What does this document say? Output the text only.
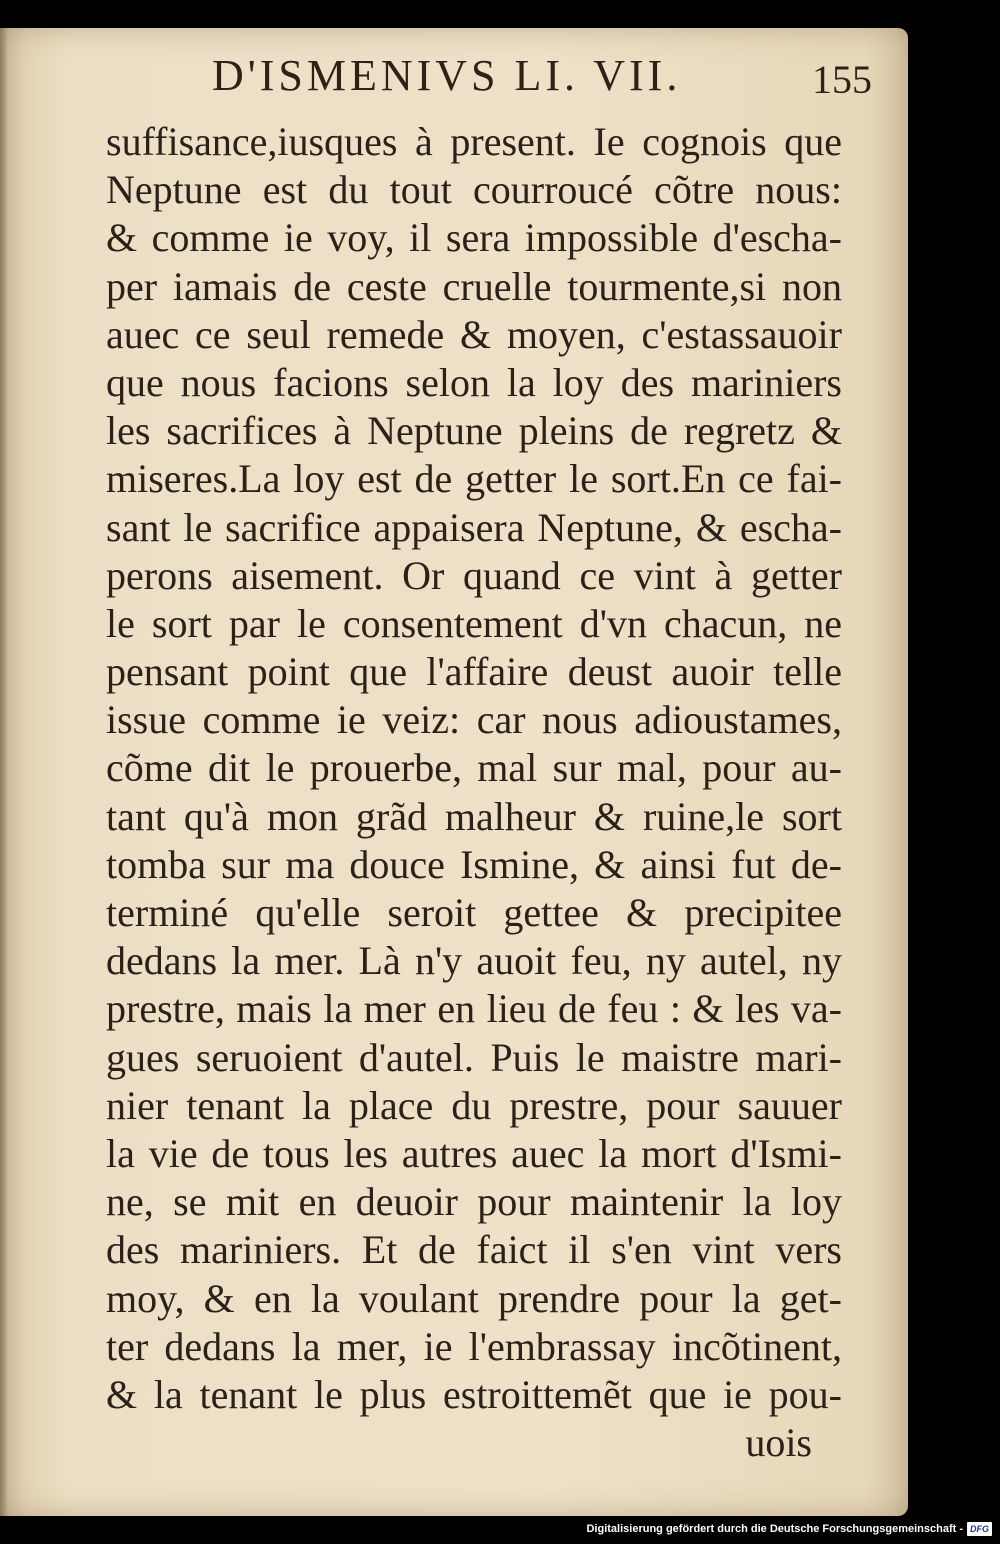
D'ISMENIVS LI. VII.	155
suffisance,iusques à present. Ie cognois que
Neptune est du tout courroucé cõtre nous:
& comme ie voy, il sera impossible d'escha-
per iamais de ceste cruelle tourmente,si non
auec ce seul remede & moyen, c'estassauoir
que nous facions selon la loy des mariniers
les sacrifices à Neptune pleins de regretz &
miseres.La loy est de getter le sort.En ce fai-
sant le sacrifice appaisera Neptune, & escha-
perons aisement. Or quand ce vint à getter
le sort par le consentement d'vn chacun, ne
pensant point que l'affaire deust auoir telle
issue comme ie veiz: car nous adioustames,
cõme dit le prouerbe, mal sur mal, pour au-
tant qu'à mon grãd malheur & ruine,le sort
tomba sur ma douce Ismine, & ainsi fut de-
terminé qu'elle seroit gettee & precipitee
dedans la mer. Là n'y auoit feu, ny autel, ny
prestre, mais la mer en lieu de feu : & les va-
gues seruoient d'autel. Puis le maistre mari-
nier tenant la place du prestre, pour sauuer
la vie de tous les autres auec la mort d'Ismi-
ne, se mit en deuoir pour maintenir la loy
des mariniers. Et de faict il s'en vint vers
moy, & en la voulant prendre pour la get-
ter dedans la mer, ie l'embrassay incõtinent,
& la tenant le plus estroittemẽt que ie pou-
uois
Digitalisierung gefördert durch die Deutsche Forschungsgemeinschaft - DFG
